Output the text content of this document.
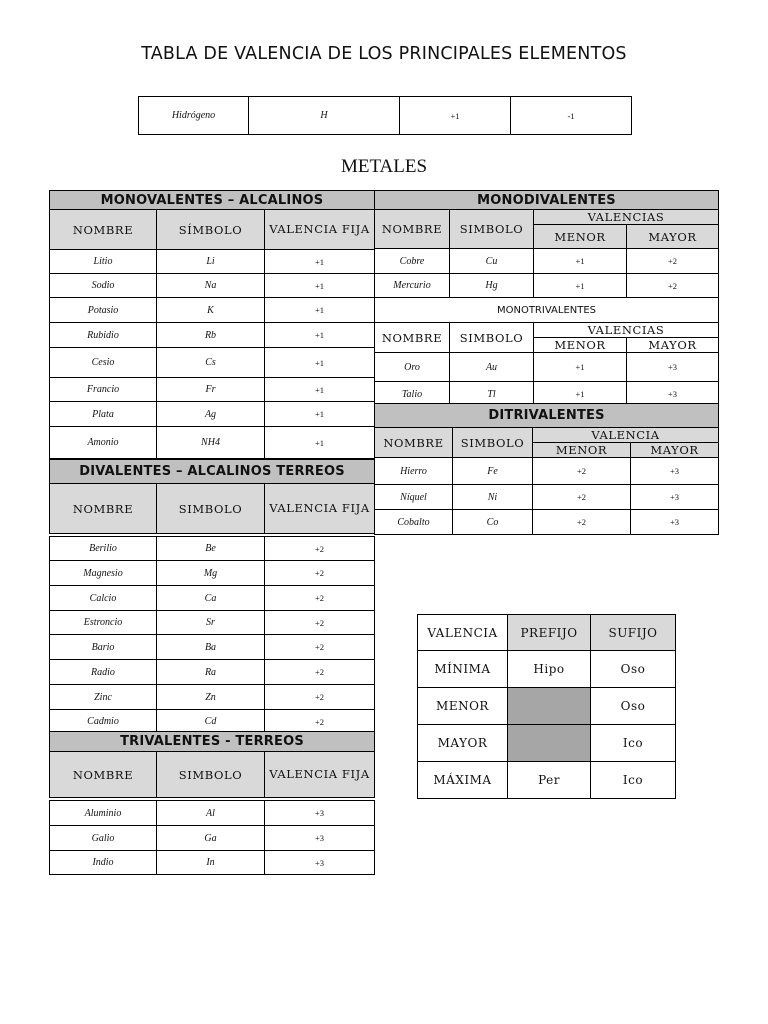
TABLA DE VALENCIA DE LOS PRINCIPALES ELEMENTOS
Hidrógeno	H	+1	-1
METALES
MONOVALENTES – ALCALINOS		
NOMBRE	SÍMBOLO	VALENCIA FIJA
Litio	Li	+1
Sodio	Na	+1
Potasio	K	+1
Rubidio	Rb	+1
Cesio	Cs	+1
Francio	Fr	+1
Plata	Ag	+1
Amonio	NH4	+1
DIVALENTES – ALCALINOS TERREOS		
NOMBRE	SIMBOLO	VALENCIA FIJA

Berilio	Be	+2
Magnesio	Mg	+2
Calcio	Ca	+2
Estroncio	Sr	+2
Bario	Ba	+2
Radio	Ra	+2
Zinc	Zn	+2
Cadmio	Cd	+2
TRIVALENTES - TERREOS		
NOMBRE	SIMBOLO	VALENCIA FIJA

Aluminio	Al	+3
Galio	Ga	+3
Indio	In	+3
MONODIVALENTES			
NOMBRE	SIMBOLO	VALENCIAS	
		MENOR	MAYOR
Cobre	Cu	+1	+2
Mercurio	Hg	+1	+2
MONOTRIVALENTES			
NOMBRE	SIMBOLO	VALENCIAS	
		MENOR	MAYOR
Oro	Au	+1	+3
Talio	Tl	+1	+3
DITRIVALENTES			
NOMBRE	SIMBOLO	VALENCIA	
		MENOR	MAYOR
Hierro	Fe	+2	+3
Níquel	Ni	+2	+3
Cobalto	Co	+2	+3
VALENCIA	PREFIJO	SUFIJO
MÍNIMA	Hipo	Oso
MENOR		Oso
MAYOR		Ico
MÁXIMA	Per	Ico
